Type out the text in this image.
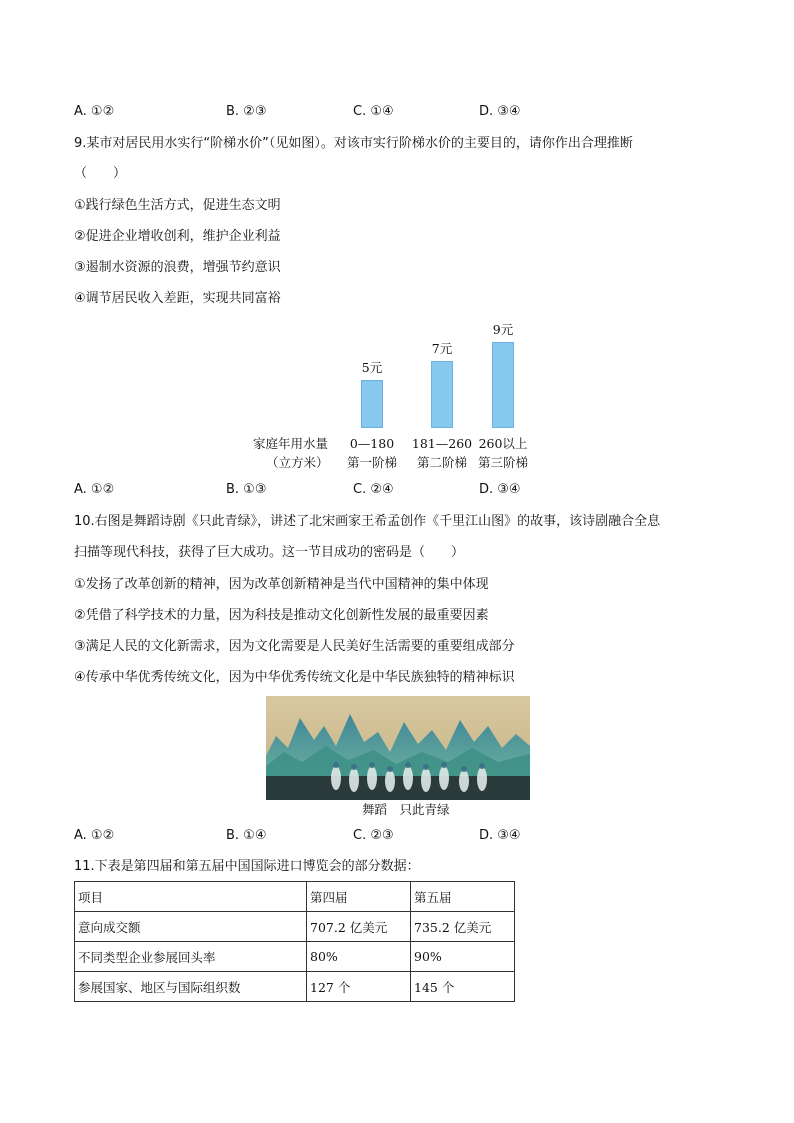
A. ①②	B. ②③	C. ①④	D. ③④
9.某市对居民用水实行“阶梯水价”（见如图）。对该市实行阶梯水价的主要目的，请你作出合理推断
（　　）
①践行绿色生活方式，促进生态文明
②促进企业增收创利，维护企业利益
③遏制水资源的浪费，增强节约意识
④调节居民收入差距，实现共同富裕
家庭年用水量
（立方米）
5元
0—180
第一阶梯
7元
181—260
第二阶梯
9元
260以上
第三阶梯
A. ①②	B. ①③	C. ②④	D. ③④
10.右图是舞蹈诗剧《只此青绿》，讲述了北宋画家王希孟创作《千里江山图》的故事，该诗剧融合全息
扫描等现代科技，获得了巨大成功。这一节目成功的密码是（　　）
①发扬了改革创新的精神，因为改革创新精神是当代中国精神的集中体现
②凭借了科学技术的力量，因为科技是推动文化创新性发展的最重要因素
③满足人民的文化新需求，因为文化需要是人民美好生活需要的重要组成部分
④传承中华优秀传统文化，因为中华优秀传统文化是中华民族独特的精神标识
舞蹈　只此青绿
A. ①②	B. ①④	C. ②③	D. ③④
11.下表是第四届和第五届中国国际进口博览会的部分数据：
项目	第四届	第五届
意向成交额	707.2 亿美元	735.2 亿美元
不同类型企业参展回头率	80%	90%
参展国家、地区与国际组织数	127 个	145 个
